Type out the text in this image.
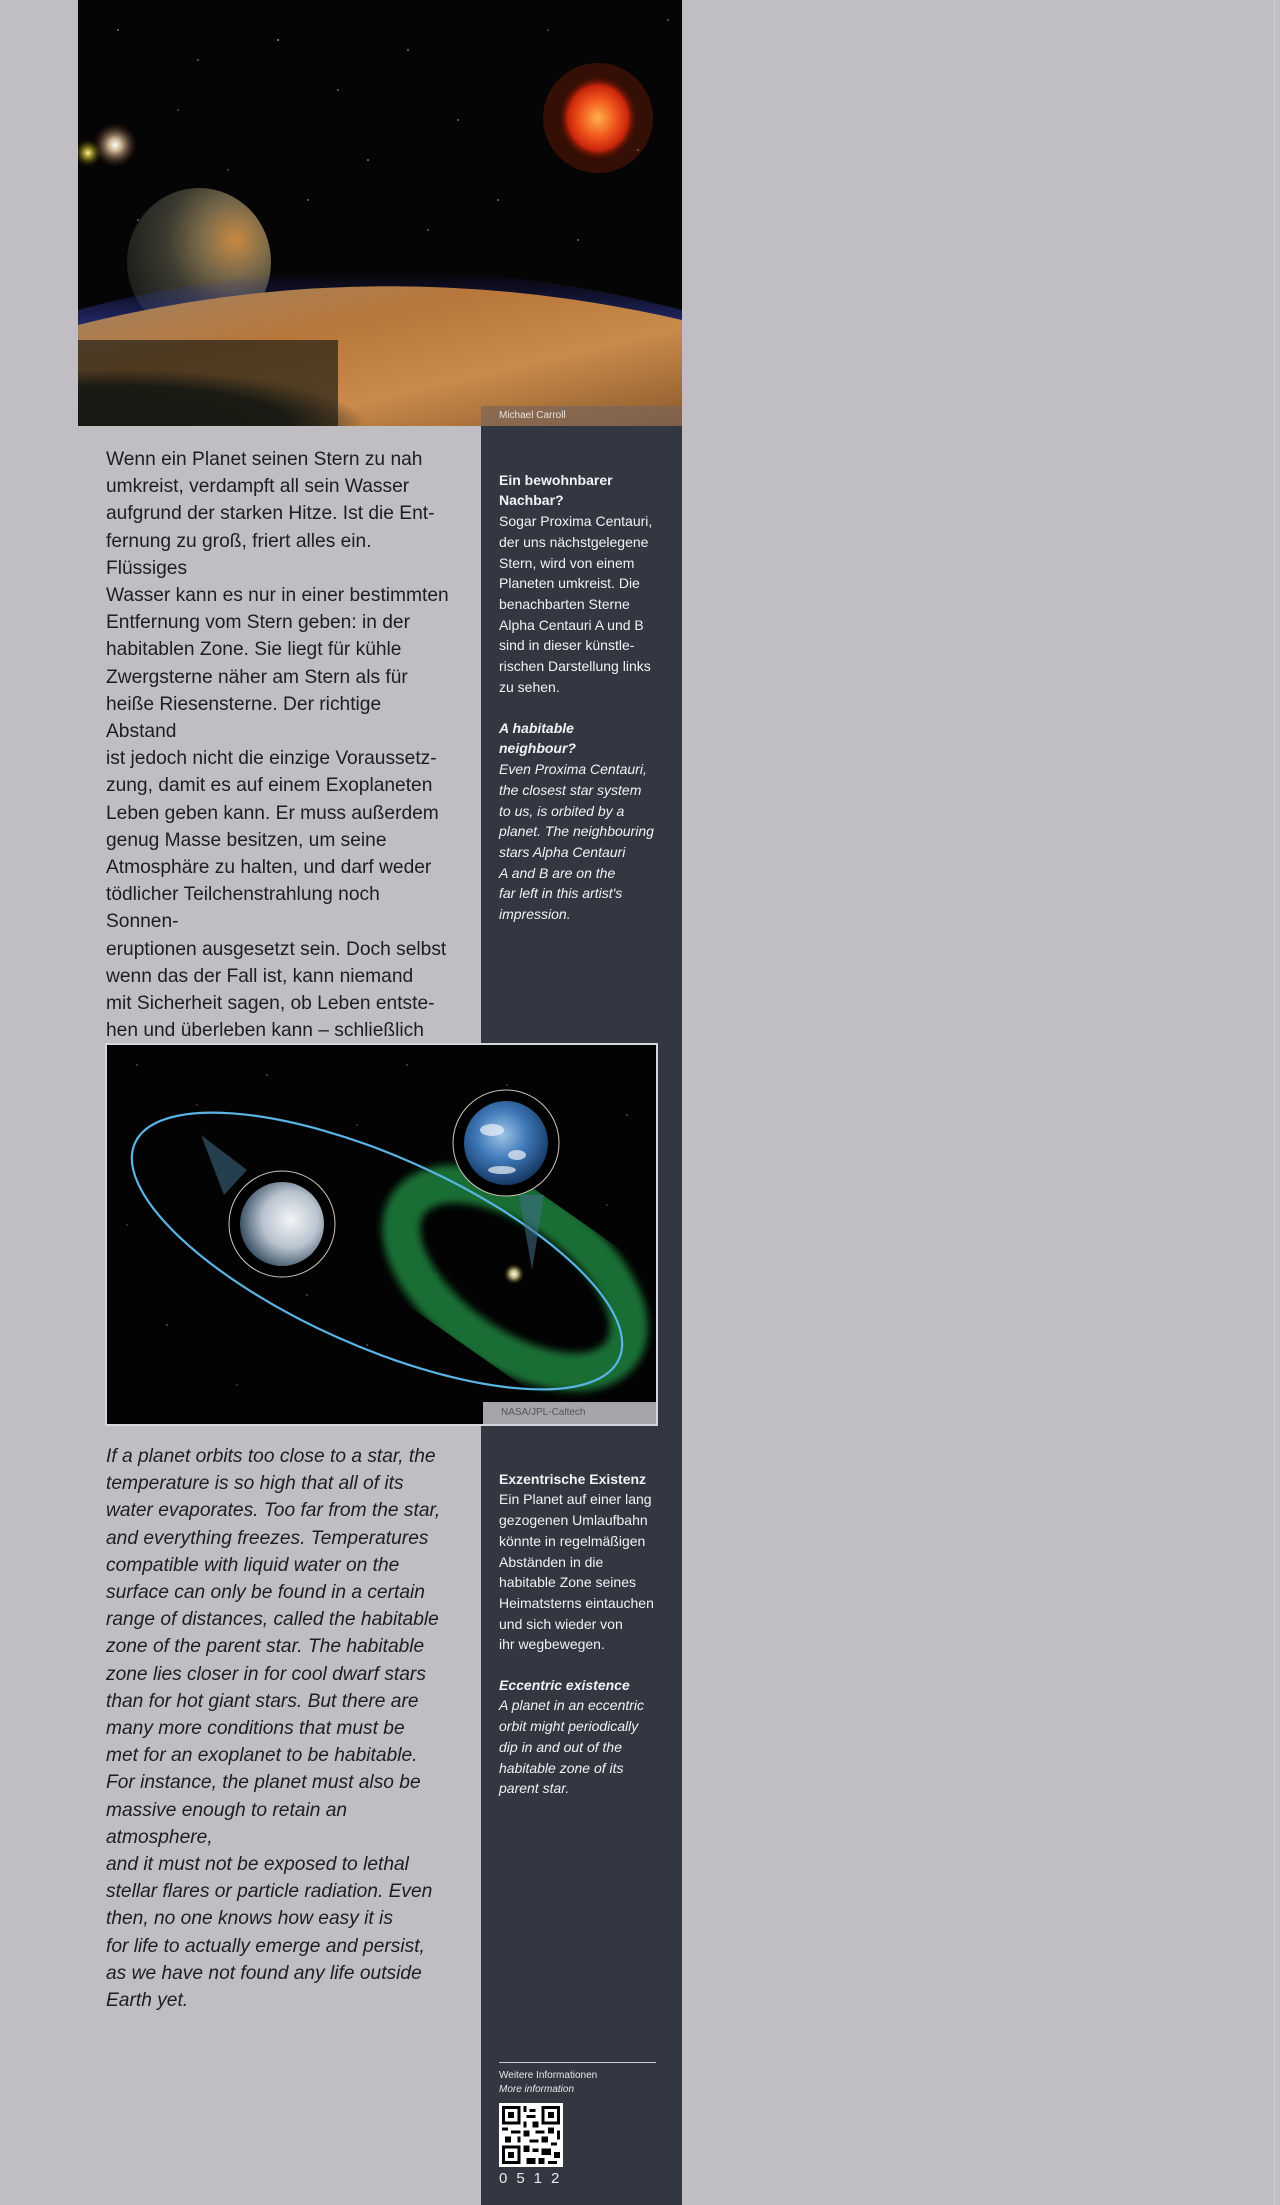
Michael Carroll

Wenn ein Planet seinen Stern zu nah
umkreist, verdampft all sein Wasser
aufgrund der starken Hitze. Ist die Ent-
fernung zu groß, friert alles ein. Flüssiges
Wasser kann es nur in einer bestimmten
Entfernung vom Stern geben: in der
habitablen Zone. Sie liegt für kühle
Zwergsterne näher am Stern als für
heiße Riesensterne. Der richtige Abstand
ist jedoch nicht die einzige Voraussetz-
zung, damit es auf einem Exoplaneten
Leben geben kann. Er muss außerdem
genug Masse besitzen, um seine
Atmosphäre zu halten, und darf weder
tödlicher Teilchenstrahlung noch Sonnen-
eruptionen ausgesetzt sein. Doch selbst
wenn das der Fall ist, kann niemand
mit Sicherheit sagen, ob Leben entste-
hen und überleben kann – schließlich

Ein bewohnbarer
Nachbar?
Sogar Proxima Centauri,
der uns nächstgelegene
Stern, wird von einem
Planeten umkreist. Die
benachbarten Sterne
Alpha Centauri A und B
sind in dieser künstle-
rischen Darstellung links
zu sehen.

A habitable
neighbour?
Even Proxima Centauri,
the closest star system
to us, is orbited by a
planet. The neighbouring
stars Alpha Centauri
A and B are on the
far left in this artist's
impression.

NASA/JPL-Caltech

If a planet orbits too close to a star, the
temperature is so high that all of its
water evaporates. Too far from the star,
and everything freezes. Temperatures
compatible with liquid water on the
surface can only be found in a certain
range of distances, called the habitable
zone of the parent star. The habitable
zone lies closer in for cool dwarf stars
than for hot giant stars. But there are
many more conditions that must be
met for an exoplanet to be habitable.
For instance, the planet must also be
massive enough to retain an atmosphere,
and it must not be exposed to lethal
stellar flares or particle radiation. Even
then, no one knows how easy it is
for life to actually emerge and persist,
as we have not found any life outside
Earth yet.

Exzentrische Existenz
Ein Planet auf einer lang
gezogenen Umlaufbahn
könnte in regelmäßigen
Abständen in die
habitable Zone seines
Heimatsterns eintauchen
und sich wieder von
ihr wegbewegen.

Eccentric existence
A planet in an eccentric
orbit might periodically
dip in and out of the
habitable zone of its
parent star.

Weitere Informationen
More information
0512
